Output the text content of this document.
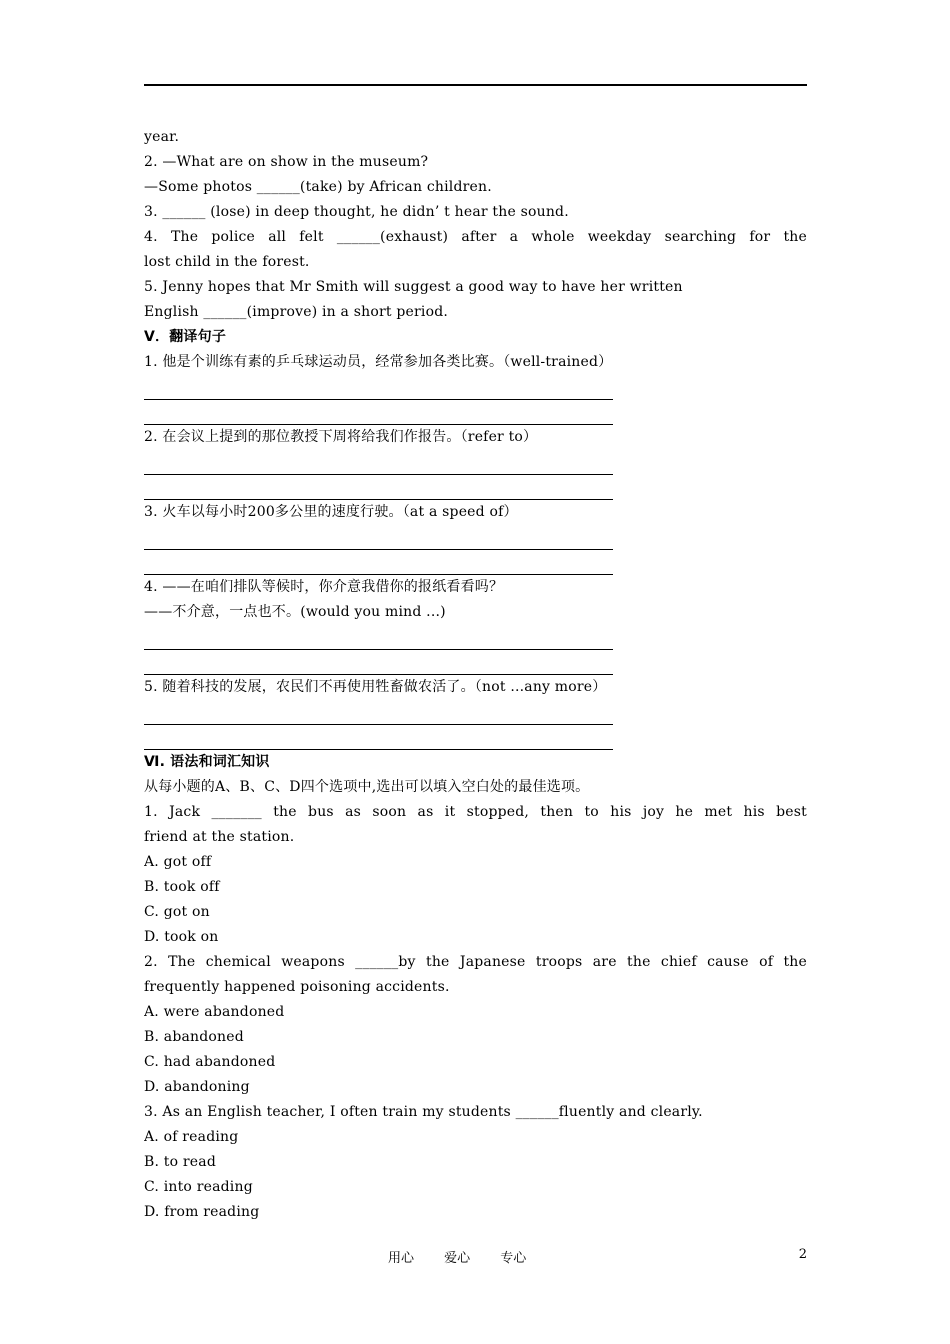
year.
2. —What are on show in the museum?
—Some photos ______(take) by African children.
3. ______ (lose) in deep thought, he didn’ t hear the sound.
4. The police all felt ______(exhaust) after a whole weekday searching for the
lost child in the forest.
5. Jenny hopes that Mr Smith will suggest a good way to have her written
English ______(improve) in a short period.
Ⅴ．翻译句子
1. 他是个训练有素的乒乓球运动员，经常参加各类比赛。（well-trained）
2. 在会议上提到的那位教授下周将给我们作报告。（refer to）
3. 火车以每小时200多公里的速度行驶。（at a speed of）
4. ——在咱们排队等候时，你介意我借你的报纸看看吗？
——不介意，一点也不。(would you mind ...)
5. 随着科技的发展，农民们不再使用牲畜做农活了。（not ...any more）
Ⅵ. 语法和词汇知识
从每小题的A、B、C、D四个选项中,选出可以填入空白处的最佳选项。
1. Jack _______ the bus as soon as it stopped, then to his joy he met his best
friend at the station.
A. got off
B. took off
C. got on
D. took on
2. The chemical weapons ______by the Japanese troops are the chief cause of the
frequently happened poisoning accidents.
A. were abandoned
B. abandoned
C. had abandoned
D. abandoning
3. As an English teacher, I often train my students ______fluently and clearly.
A. of reading
B. to read
C. into reading
D. from reading
用心 爱心 专心	2
